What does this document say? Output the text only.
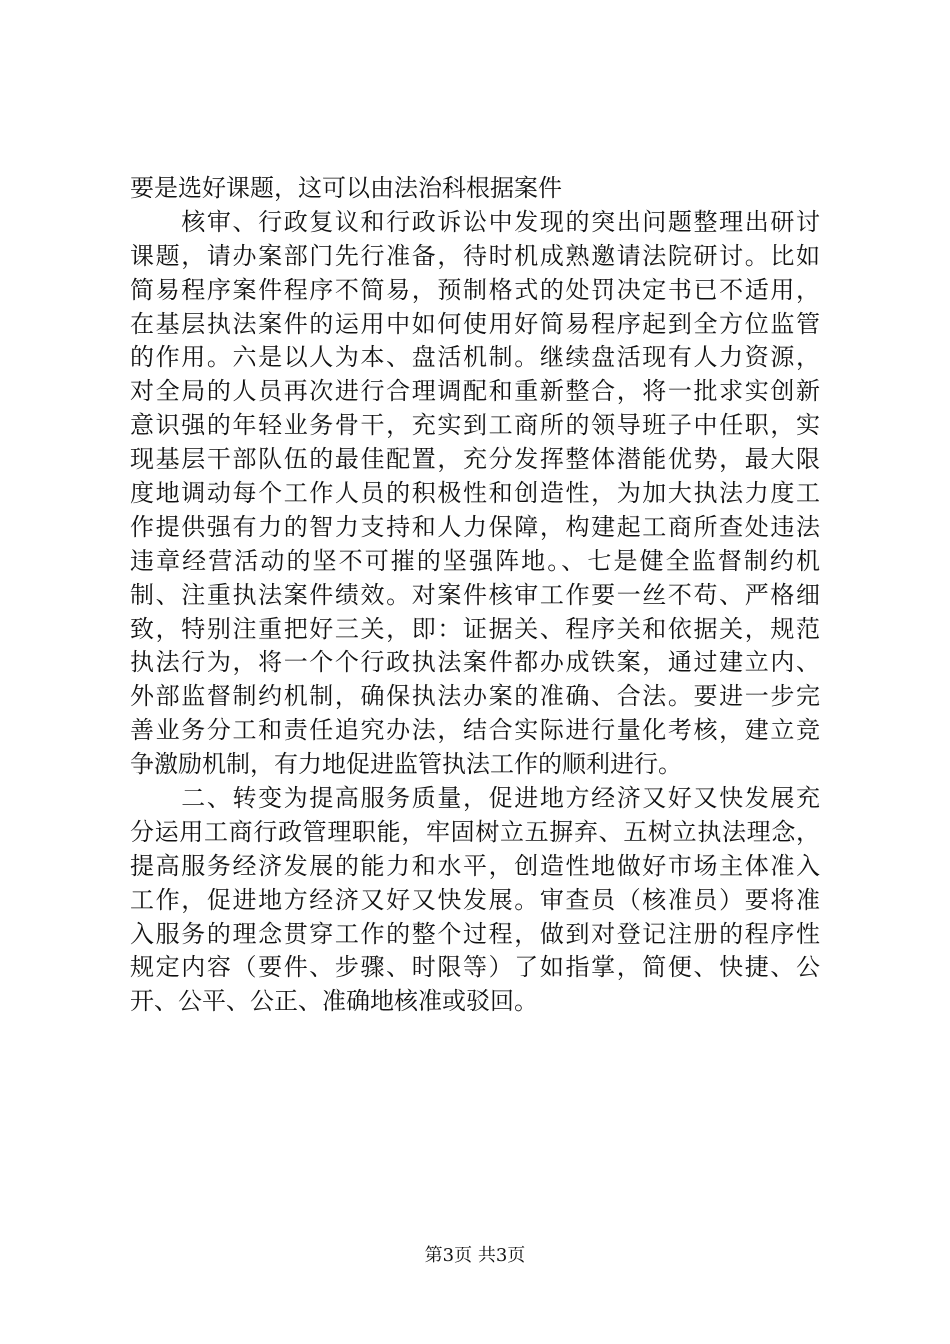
要是选好课题，这可以由法治科根据案件
　　核审、行政复议和行政诉讼中发现的突出问题整理出研讨
课题，请办案部门先行准备，待时机成熟邀请法院研讨。比如
简易程序案件程序不简易，预制格式的处罚决定书已不适用，
在基层执法案件的运用中如何使用好简易程序起到全方位监管
的作用。六是以人为本、盘活机制。继续盘活现有人力资源，
对全局的人员再次进行合理调配和重新整合，将一批求实创新
意识强的年轻业务骨干，充实到工商所的领导班子中任职，实
现基层干部队伍的最佳配置，充分发挥整体潜能优势，最大限
度地调动每个工作人员的积极性和创造性，为加大执法力度工
作提供强有力的智力支持和人力保障，构建起工商所查处违法
违章经营活动的坚不可摧的坚强阵地。、七是健全监督制约机
制、注重执法案件绩效。对案件核审工作要一丝不苟、严格细
致，特别注重把好三关，即：证据关、程序关和依据关，规范
执法行为，将一个个行政执法案件都办成铁案，通过建立内、
外部监督制约机制，确保执法办案的准确、合法。要进一步完
善业务分工和责任追究办法，结合实际进行量化考核，建立竞
争激励机制，有力地促进监管执法工作的顺利进行。
　　二、转变为提高服务质量，促进地方经济又好又快发展充
分运用工商行政管理职能，牢固树立五摒弃、五树立执法理念，
提高服务经济发展的能力和水平，创造性地做好市场主体准入
工作，促进地方经济又好又快发展。审查员（核准员）要将准
入服务的理念贯穿工作的整个过程，做到对登记注册的程序性
规定内容（要件、步骤、时限等）了如指掌，简便、快捷、公
开、公平、公正、准确地核准或驳回。
第3页 共3页
